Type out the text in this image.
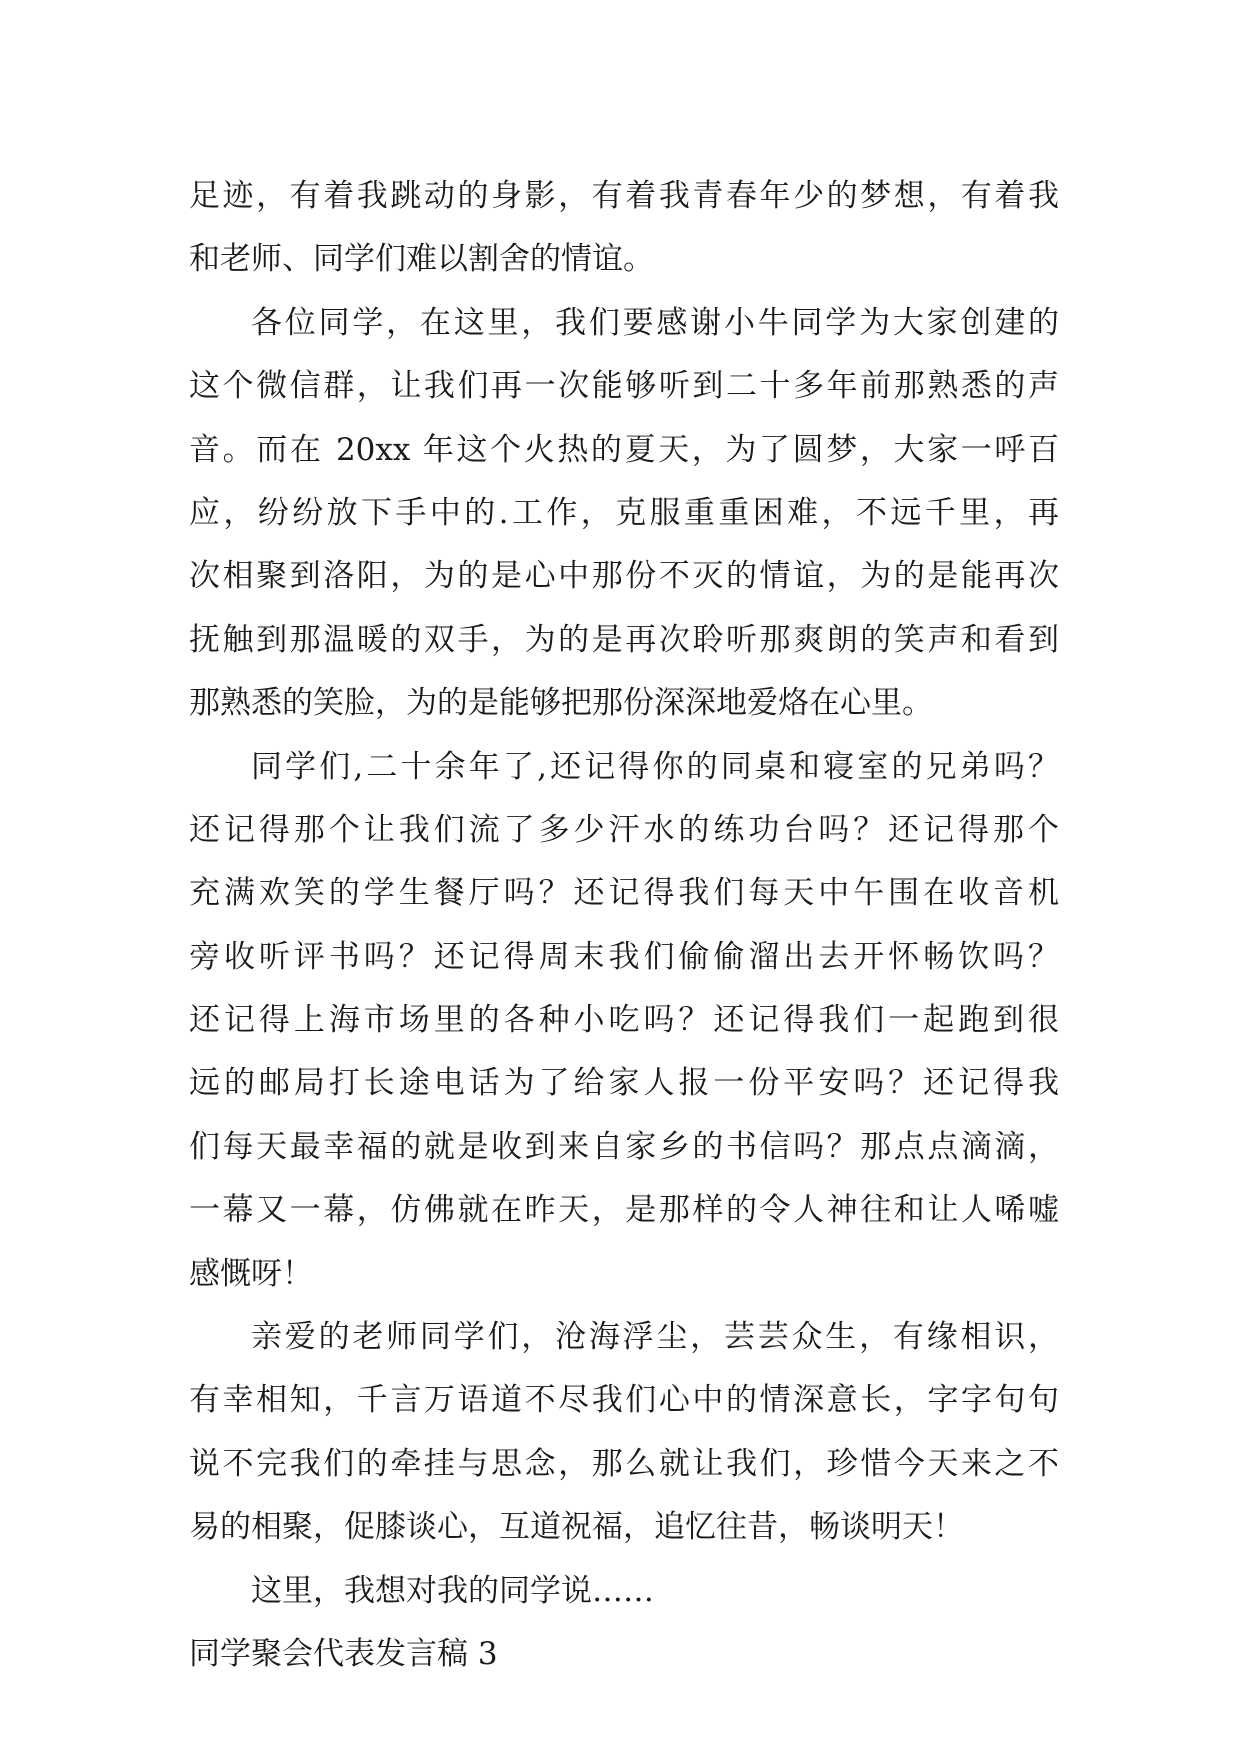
足迹，有着我跳动的身影，有着我青春年少的梦想，有着我
和老师、同学们难以割舍的情谊。
各位同学，在这里，我们要感谢小牛同学为大家创建的
这个微信群，让我们再一次能够听到二十多年前那熟悉的声
音。而在 20xx 年这个火热的夏天，为了圆梦，大家一呼百
应，纷纷放下手中的.工作，克服重重困难，不远千里，再
次相聚到洛阳，为的是心中那份不灭的情谊，为的是能再次
抚触到那温暖的双手，为的是再次聆听那爽朗的笑声和看到
那熟悉的笑脸，为的是能够把那份深深地爱烙在心里。
同学们,二十余年了,还记得你的同桌和寝室的兄弟吗？
还记得那个让我们流了多少汗水的练功台吗？还记得那个
充满欢笑的学生餐厅吗？还记得我们每天中午围在收音机
旁收听评书吗？还记得周末我们偷偷溜出去开怀畅饮吗？
还记得上海市场里的各种小吃吗？还记得我们一起跑到很
远的邮局打长途电话为了给家人报一份平安吗？还记得我
们每天最幸福的就是收到来自家乡的书信吗？那点点滴滴，
一幕又一幕，仿佛就在昨天，是那样的令人神往和让人唏嘘
感慨呀！
亲爱的老师同学们，沧海浮尘，芸芸众生，有缘相识，
有幸相知，千言万语道不尽我们心中的情深意长，字字句句
说不完我们的牵挂与思念，那么就让我们，珍惜今天来之不
易的相聚，促膝谈心，互道祝福，追忆往昔，畅谈明天！
这里，我想对我的同学说……
同学聚会代表发言稿 3
